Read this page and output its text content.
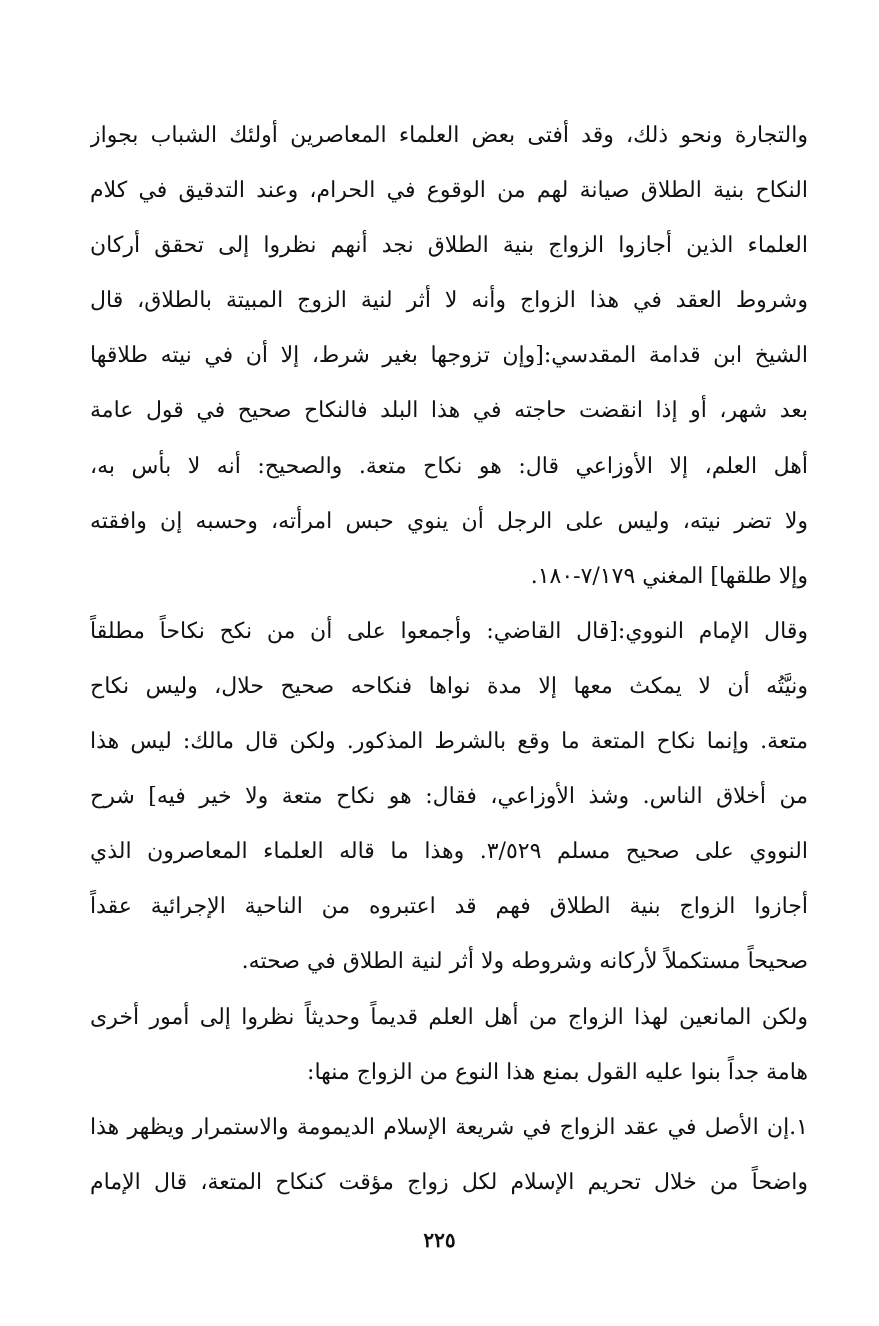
والتجارة ونحو ذلك، وقد أفتى بعض العلماء المعاصرين أولئك الشباب بجواز
النكاح بنية الطلاق صيانة لهم من الوقوع في الحرام، وعند التدقيق في كلام
العلماء الذين أجازوا الزواج بنية الطلاق نجد أنهم نظروا إلى تحقق أركان
وشروط العقد في هذا الزواج وأنه لا أثر لنية الزوج المبيتة بالطلاق، قال
الشيخ ابن قدامة المقدسي:[وإن تزوجها بغير شرط، إلا أن في نيته طلاقها
بعد شهر، أو إذا انقضت حاجته في هذا البلد فالنكاح صحيح في قول عامة
أهل العلم، إلا الأوزاعي قال: هو نكاح متعة. والصحيح: أنه لا بأس به،
ولا تضر نيته، وليس على الرجل أن ينوي حبس امرأته، وحسبه إن وافقته
وإلا طلقها] المغني ٧/١٧٩-١٨٠.
وقال الإمام النووي:[قال القاضي: وأجمعوا على أن من نكح نكاحاً مطلقاً
ونيَّتُه أن لا يمكث معها إلا مدة نواها فنكاحه صحيح حلال، وليس نكاح
متعة. وإنما نكاح المتعة ما وقع بالشرط المذكور. ولكن قال مالك: ليس هذا
من أخلاق الناس. وشذ الأوزاعي، فقال: هو نكاح متعة ولا خير فيه] شرح
النووي على صحيح مسلم ٣/٥٢٩. وهذا ما قاله العلماء المعاصرون الذي
أجازوا الزواج بنية الطلاق فهم قد اعتبروه من الناحية الإجرائية عقداً
صحيحاً مستكملاً لأركانه وشروطه ولا أثر لنية الطلاق في صحته.
ولكن المانعين لهذا الزواج من أهل العلم قديماً وحديثاً نظروا إلى أمور أخرى
هامة جداً بنوا عليه القول بمنع هذا النوع من الزواج منها:
١.إن الأصل في عقد الزواج في شريعة الإسلام الديمومة والاستمرار ويظهر هذا
واضحاً من خلال تحريم الإسلام لكل زواج مؤقت كنكاح المتعة، قال الإمام
٢٢٥
